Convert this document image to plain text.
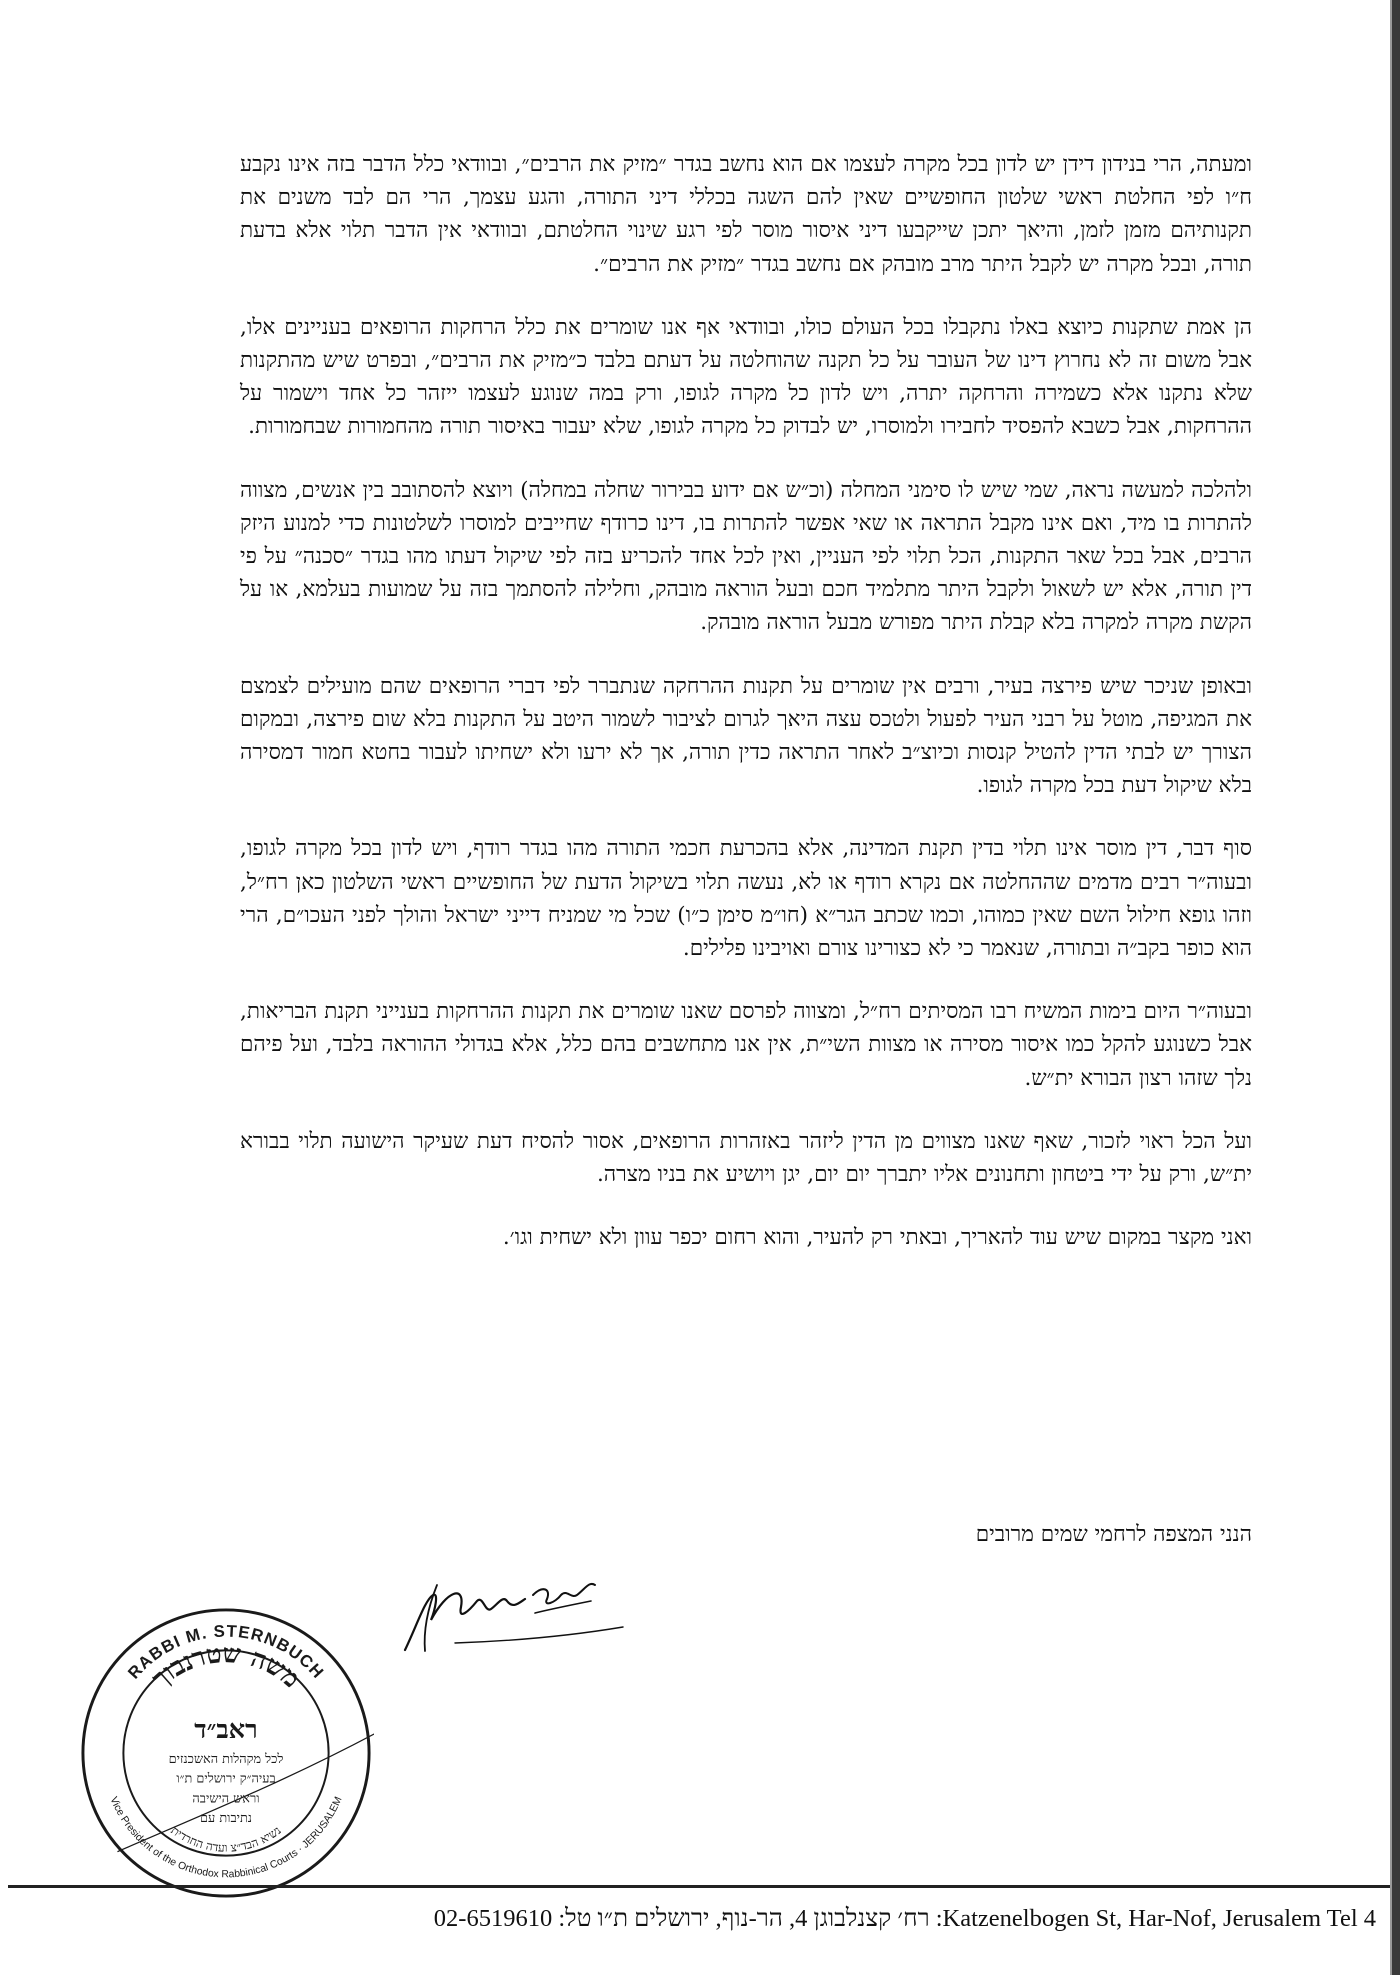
ומעתה, הרי בנידון דידן יש לדון בכל מקרה לעצמו אם הוא נחשב בגדר ״מזיק את הרבים״, ובוודאי כלל הדבר בזה אינו נקבע ח״ו לפי החלטת ראשי שלטון החופשיים שאין להם השגה בכללי דיני התורה, והגע עצמך, הרי הם לבד משנים את תקנותיהם מזמן לזמן, והיאך יתכן שייקבעו דיני איסור מוסר לפי רגע שינוי החלטתם, ובוודאי אין הדבר תלוי אלא בדעת תורה, ובכל מקרה יש לקבל היתר מרב מובהק אם נחשב בגדר ״מזיק את הרבים״.

הן אמת שתקנות כיוצא באלו נתקבלו בכל העולם כולו, ובוודאי אף אנו שומרים את כלל הרחקות הרופאים בעניינים אלו, אבל משום זה לא נחרוץ דינו של העובר על כל תקנה שהוחלטה על דעתם בלבד כ״מזיק את הרבים״, ובפרט שיש מהתקנות שלא נתקנו אלא כשמירה והרחקה יתרה, ויש לדון כל מקרה לגופו, ורק במה שנוגע לעצמו ייזהר כל אחד וישמור על ההרחקות, אבל כשבא להפסיד לחבירו ולמוסרו, יש לבדוק כל מקרה לגופו, שלא יעבור באיסור תורה מהחמורות שבחמורות.

ולהלכה למעשה נראה, שמי שיש לו סימני המחלה (וכ״ש אם ידוע בבירור שחלה במחלה) ויוצא להסתובב בין אנשים, מצווה להתרות בו מיד, ואם אינו מקבל התראה או שאי אפשר להתרות בו, דינו כרודף שחייבים למוסרו לשלטונות כדי למנוע היזק הרבים, אבל בכל שאר התקנות, הכל תלוי לפי העניין, ואין לכל אחד להכריע בזה לפי שיקול דעתו מהו בגדר ״סכנה״ על פי דין תורה, אלא יש לשאול ולקבל היתר מתלמיד חכם ובעל הוראה מובהק, וחלילה להסתמך בזה על שמועות בעלמא, או על הקשת מקרה למקרה בלא קבלת היתר מפורש מבעל הוראה מובהק.

ובאופן שניכר שיש פירצה בעיר, ורבים אין שומרים על תקנות ההרחקה שנתברר לפי דברי הרופאים שהם מועילים לצמצם את המגיפה, מוטל על רבני העיר לפעול ולטכס עצה היאך לגרום לציבור לשמור היטב על התקנות בלא שום פירצה, ובמקום הצורך יש לבתי הדין להטיל קנסות וכיוצ״ב לאחר התראה כדין תורה, אך לא ירעו ולא ישחיתו לעבור בחטא חמור דמסירה בלא שיקול דעת בכל מקרה לגופו.

סוף דבר, דין מוסר אינו תלוי בדין תקנת המדינה, אלא בהכרעת חכמי התורה מהו בגדר רודף, ויש לדון בכל מקרה לגופו, ובעוה״ר רבים מדמים שההחלטה אם נקרא רודף או לא, נעשה תלוי בשיקול הדעת של החופשיים ראשי השלטון כאן רח״ל, וזהו גופא חילול השם שאין כמוהו, וכמו שכתב הגר״א (חו״מ סימן כ״ו) שכל מי שמניח דייני ישראל והולך לפני העכו״ם, הרי הוא כופר בקב״ה ובתורה, שנאמר כי לא כצורינו צורם ואויבינו פלילים.

ובעוה״ר היום בימות המשיח רבו המסיתים רח״ל, ומצווה לפרסם שאנו שומרים את תקנות ההרחקות בענייני תקנת הבריאות, אבל כשנוגע להקל כמו איסור מסירה או מצוות השי״ת, אין אנו מתחשבים בהם כלל, אלא בגדולי ההוראה בלבד, ועל פיהם נלך שזהו רצון הבורא ית״ש.

ועל הכל ראוי לזכור, שאף שאנו מצווים מן הדין ליזהר באזהרות הרופאים, אסור להסיח דעת שעיקר הישועה תלוי בבורא ית״ש, ורק על ידי ביטחון ותחנונים אליו יתברך יום יום, יגן ויושיע את בניו מצרה.

ואני מקצר במקום שיש עוד להאריך, ובאתי רק להעיר, והוא רחום יכפר עוון ולא ישחית וגו׳.

הנני המצפה לרחמי שמים מרובים
RABBI M. STERNBUCH
Vice President of the Orthodox Rabbinical Courts · JERUSALEM
משה שטרנבוך
נשיא הבד״צ ועדה החרדית
ראב״ד
לכל מקהלות האשכנזים
בעיה״ק ירושלים ת״ו
וראש הישיבה
נתיבות עם
רח׳ קצנלבוגן 4, הר-נוף, ירושלים ת״ו טל: 02-6519610 :Katzenelbogen St, Har-Nof, Jerusalem Tel 4
